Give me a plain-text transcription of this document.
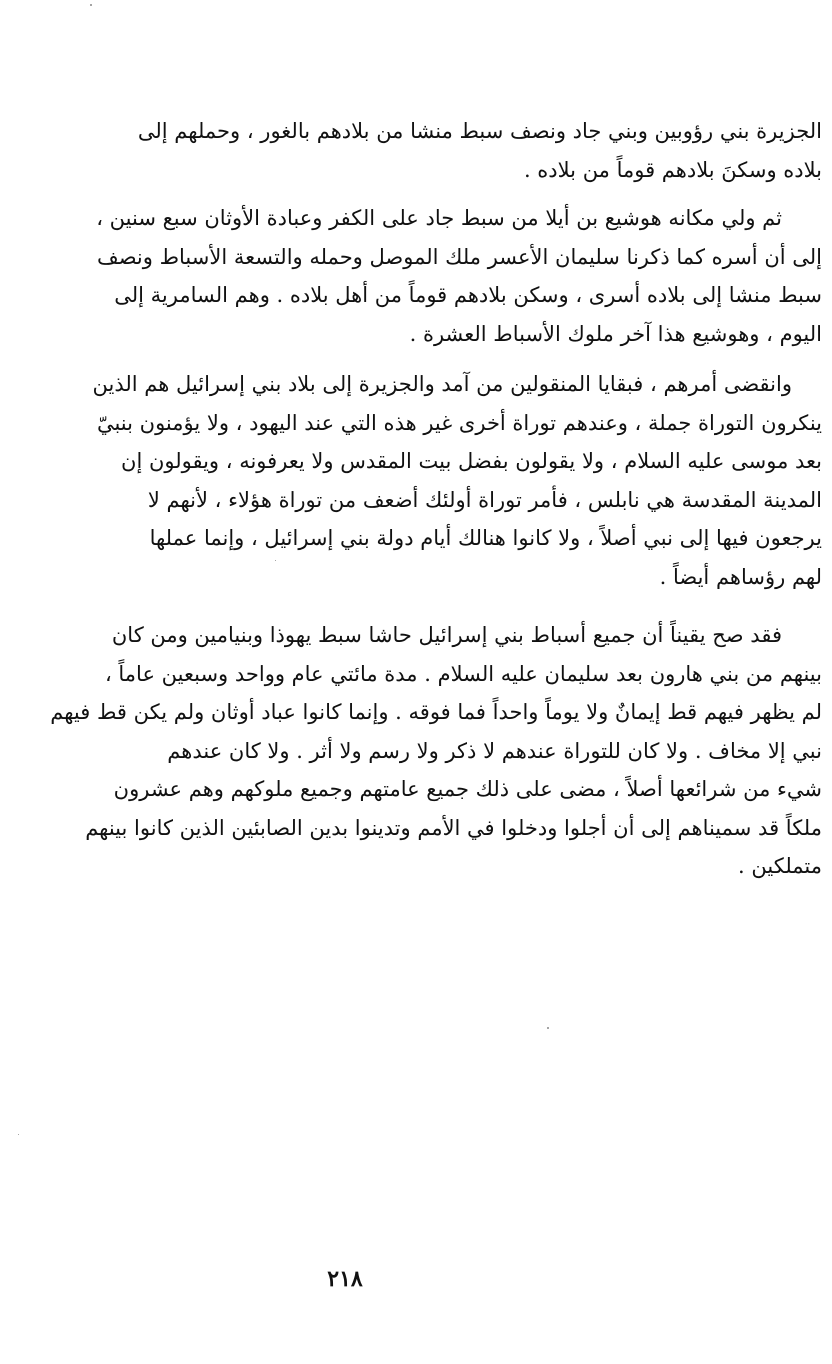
الجزيرة بني رؤوبين وبني جاد ونصف سبط منشا من بلادهم بالغور ، وحملهم إلى
بلاده وسكنَ بلادهم قوماً من بلاده .

ثم ولي مكانه هوشيع بن أيلا من سبط جاد على الكفر وعبادة الأوثان سبع سنين ،
إلى أن أسره كما ذكرنا سليمان الأعسر ملك الموصل وحمله والتسعة الأسباط ونصف
سبط منشا إلى بلاده أسرى ، وسكن بلادهم قوماً من أهل بلاده . وهم السامرية إلى
اليوم ، وهوشيع هذا آخر ملوك الأسباط العشرة .

وانقضى أمرهم ، فبقايا المنقولين من آمد والجزيرة إلى بلاد بني إسرائيل هم الذين
ينكرون التوراة جملة ، وعندهم توراة أخرى غير هذه التي عند اليهود ، ولا يؤمنون بنبيّ
بعد موسى عليه السلام ، ولا يقولون بفضل بيت المقدس ولا يعرفونه ، ويقولون إن
المدينة المقدسة هي نابلس ، فأمر توراة أولئك أضعف من توراة هؤلاء ، لأنهم لا
يرجعون فيها إلى نبي أصلاً ، ولا كانوا هنالك أيام دولة بني إسرائيل ، وإنما عملها
لهم رؤساهم أيضاً .

فقد صح يقيناً أن جميع أسباط بني إسرائيل حاشا سبط يهوذا وبنيامين ومن كان
بينهم من بني هارون بعد سليمان عليه السلام . مدة مائتي عام وواحد وسبعين عاماً ،
لم يظهر فيهم قط إيمانٌ ولا يوماً واحداً فما فوقه . وإنما كانوا عباد أوثان ولم يكن قط فيهم
نبي إلا مخاف . ولا كان للتوراة عندهم لا ذكر ولا رسم ولا أثر . ولا كان عندهم
شيء من شرائعها أصلاً ، مضى على ذلك جميع عامتهم وجميع ملوكهم وهم عشرون
ملكاً قد سميناهم إلى أن أجلوا ودخلوا في الأمم وتدينوا بدين الصابئين الذين كانوا بينهم
متملكين .

٢١٨
